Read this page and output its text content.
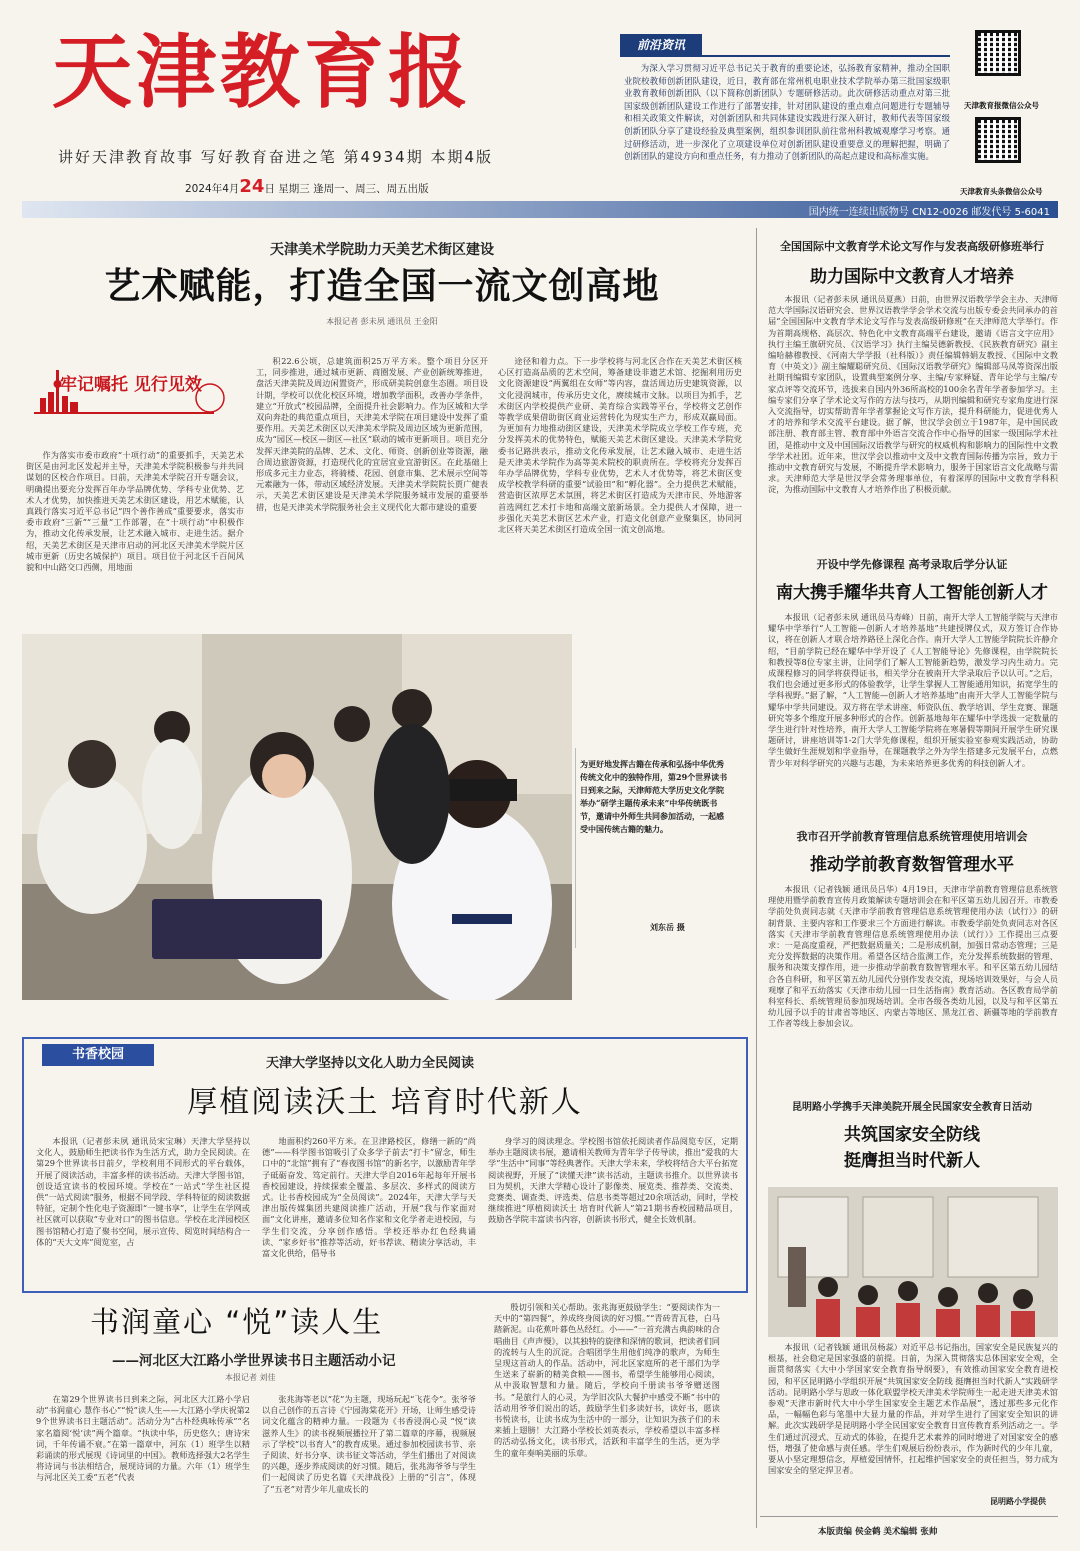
天津教育报
讲好天津教育故事 写好教育奋进之笔 第4934期 本期4版
2024年4月24日 星期三 逢周一、周三、周五出版
前沿资讯
为深入学习贯彻习近平总书记关于教育的重要论述，弘扬教育家精神，推动全国职业院校教师创新团队建设，近日，教育部在常州机电职业技术学院举办第三批国家级职业教育教师创新团队（以下简称创新团队）专题研修活动。此次研修活动重点对第三批国家级创新团队建设工作进行了部署安排，针对团队建设的重点难点问题进行专题辅导和相关政策文件解读，对创新团队和共同体建设实践进行深入研讨，教师代表等国家级创新团队分享了建设经验及典型案例，组织参训团队前往常州科教城观摩学习考察。通过研修活动，进一步深化了立项建设单位对创新团队建设重要意义的理解把握，明确了创新团队的建设方向和重点任务，有力推动了创新团队的高起点建设和高标准实施。
天津教育报微信公众号
天津教育头条微信公众号
国内统一连续出版物号 CN12-0026 邮发代号 5-6041
天津美术学院助力天美艺术街区建设
艺术赋能，打造全国一流文创高地
本报记者 彭未夙 通讯员 王金阳
牢记嘱托 见行见效

作为落实市委市政府“十项行动”的重要抓手，天美艺术街区是由河北区发起并主导，天津美术学院积极参与并共同谋划的区校合作项目。日前，天津美术学院召开专题会议，明确提出要充分发挥百年办学品牌优势、学科专业优势、艺术人才优势，加快推进天美艺术街区建设，用艺术赋能，认真践行落实习近平总书记“四个善作善成”重要要求，落实市委市政府“三新”“三量”工作部署，在“十项行动”中积极作为，推动文化传承发展，让艺术融入城市、走进生活。据介绍，天美艺术街区是天津市启动的河北区天津美术学院片区城市更新（历史名城保护）项目。项目位于河北区千百间风貌和中山路交口西侧，用地面

积22.6公顷，总建筑面积25万平方米。整个项目分区开工，同步推进，通过城市更新、商圈发展、产业创新统筹推进，盘活天津美院及周边闲置资产，形成研美院创意生态圈。项目设计期，学校可以优化校区环境，增加教学面积，改善办学条件，建立“开放式”校园品牌，全面提升社会影响力。作为区城和大学双向奔赴的典范重点项目，天津美术学院在项目建设中发挥了重要作用。天美艺术街区以天津美术学院及周边区域为更新范围，成为“园区—校区—街区—社区”联动的城市更新项目。项目充分发挥天津美院的品牌、艺术、文化、师资、创新创业等资源，融合周边旅游资源，打造现代化的宜居宜业宜游街区。在此基础上形成多元主力业态，将骑楼、花园、创意市集、艺术展示空间等元素融为一体，带动区域经济发展。天津美术学院院长贾广健表示，天美艺术街区建设是天津美术学院服务城市发展的重要举措，也是天津美术学院服务社会主义现代化大都市建设的重要

途径和着力点。下一步学校将与河北区合作在天美艺术街区核心区打造高品质的艺术空间，筹备建设非遗艺术馆、挖掘利用历史文化资源建设“两翼组在女师”等内容，盘活周边历史建筑资源，以文化浸润城市，传承历史文化，赓续城市文脉。以项目为抓手，艺术街区内学校提供产业研、美育综合实践等平台，学校将文艺创作等教学成果借助街区商业运营转化为现实生产力，形成双赢局面。为更加有力地推动街区建设，天津美术学院成立学校工作专班，充分发挥美术的优势特色，赋能天美艺术街区建设。天津美术学院党委书记路洪表示，推动文化传承发展，让艺术融入城市、走进生活是天津美术学院作为高等美术院校的职责所在。学校将充分发挥百年办学品牌优势，学科专业优势，艺术人才优势等，将艺术街区变成学校教学科研的重要“试验田”和“孵化器”。全力提供艺术赋能，营造街区浓厚艺术氛围，将艺术街区打造成为天津市民、外地游客首选网红艺术打卡地和高端文旅新场景。全力提供人才保障，进一步强化天美艺术街区艺术产业，打造文化创意产业聚集区，协同河北区将天美艺术街区打造成全国一流文创高地。

为更好地发挥古籍在传承和弘扬中华优秀传统文化中的独特作用，第29个世界读书日到来之际，天津师范大学历史文化学院举办“研学主题传承未来”中华传统既书节，邀请中外师生共同参加活动，一起感受中国传统古籍的魅力。
刘东岳 摄
书香校园
天津大学坚持以文化人助力全民阅读
厚植阅读沃土 培育时代新人

本报讯（记者彭未夙 通讯员宋宝琳）天津大学坚持以文化人，鼓励师生把读书作为生活方式，助力全民阅读。在第29个世界读书日前夕，学校利用不同形式的平台载体，开展了阅读活动，丰富多样的读书活动。天津大学图书馆，创设适宜读书的校园环境。学校在“一站式”学生社区提供“一站式阅读”服务，根据不同学段、学科特征的阅读数据特征，定制个性化电子资源即“一键书享”，让学生在学网或社区就可以获取“专业对口”的图书信息。学校在北洋园校区图书馆精心打造了聚书空间，展示宣传、阅览时间结构合一体的“天大文库”阅览室，占

地面积约260平方米。在卫津路校区，修缮一新的“尚德”——科学图书馆吸引了众多学子前去“打卡”留念，师生口中的“北馆”拥有了“春夜图书馆”的新名字，以激励青年学子砥砺奋发、笃定前行。天津大学自2016年起每年开展书香校园建设，持续探索全覆盖、多层次、多样式的阅读方式。让书香校园成为“全员阅读”。2024年，天津大学与天津出版传媒集团共建阅读推广活动，开展“我与作家面对面”文化讲座，邀请多位知名作家和文化学者走进校园，与学生们交流，分享创作感悟。学校还举办红色经典诵读、“家乡好书”推荐等活动，好书荐读、精读分享活动，丰富文化供给，倡导书

身学习的阅读理念。学校图书馆依托阅读者作品阅览专区，定期举办主题阅读书展，邀请相关教师为青年学子传导读，推出“爱我的大学”生活中“同事”等经典著作。天津大学未来，学校将结合大平台拓宽阅读视野，开展了“读懂天津”读书活动，主题读书推介。以世界读书日为契机，天津大学精心设计了影像类、展览类、推荐类、交流类、竞赛类、调查类、评选类、信息书类等超过20余项活动，同时，学校继续推进“厚植阅读沃土 培育时代新人”第21期书香校园精品项目，鼓励各学院丰富读书内容，创新读书形式，健全长效机制。

书润童心 “悦”读人生
——河北区大江路小学世界读书日主题活动小记
本报记者 刘佳

在第29个世界读书日到来之际，河北区大江路小学启动“书润童心 慧作书心”“悦”读人生——大江路小学庆祝第29个世界读书日主题活动”。活动分为“古朴经典咏传承”“名家名篇阅‘悦’读”两个篇章。“执读中华，历史悠久；唐诗宋词，千年传诵不衰。”在第一篇章中，河东（1）班学生以精彩诵读的形式展现《诗词里的中国》。教师选择强大2名学生将诗词与书法相结合，展现诗词的力量。六年（1）班学生与河北区关工委“五老”代表

张兆海等老以“花”为主题，现场玩起“飞花令”。张爷爷以自己创作的五言诗《宁园海棠花开》开场，让师生感受诗词文化蕴含的精神力量。一段题为《书香浸润心灵 “悦”读滋养人生》的读书视频展播拉开了第二篇章的序幕，视频展示了学校“以书育人”的教育成果。通过参加校园读书节、亲子阅读、好书分享、读书征文等活动，学生们播出了对阅读的兴趣，逐步养成阅读的好习惯。随后，张兆海爷爷与学生们一起阅读了历史名篇《天津战役》上册的“引言”，体现了“五老”对青少年儿童成长的

殷切引领和关心帮助。张兆海更鼓励学生：“要阅读作为一天中的“第四餐”，养成终身阅读的好习惯。”“青砖青瓦巷，白马踏新泥。山花蕉叶暮色丛经红。小——”一首充满古典韵味的合唱曲目《声声慢》，以其独特的旋律和深情的歌词，把读者们同的流转与人生的沉淀。合唱团学生用他们纯净的歌声，为师生呈现这首动人的作品。活动中，河北区家庭所的老干部们为学生送来了崭新的精美食粮——图书，希望学生能够用心阅读，从中汲取智慧和力量。随后，学校向千册读书爷爷赠送图书。“是旅行人的心灵，为学旧次队大餐护中感受不断”书中的活动用爷爷们说出的话，鼓励学生们多读好书，读好书，愿读书悦读书，让读书成为生活中的一部分，让知识为孩子们的未来插上翅膀！大江路小学校长刘英表示，学校希望以丰富多样的活动弘扬文化，读书形式，活跃和丰富学生的生活，更为学生的童年奏响美丽的乐章。

全国国际中文教育学术论文写作与发表高级研修班举行
助力国际中文教育人才培养

本报讯（记者彭未夙 通讯员夏燕）日前，由世界汉语教学学会主办、天津师范大学国际汉语研究会、世界汉语教学学会学术交流与出版专委会共同承办的首届“全国国际中文教育学术论文写作与发表高级研修班”在天津师范大学举行。作为首期高规格、高层次、特色化中文教育高端平台建设，邀请《语言文字应用》执行主编王旗研究员、《汉语学习》执行主编吴德新教授、《民族教育研究》副主编哈赫穆教授、《河南大学学报（社科版）》责任编辑韩娟友教授、《国际中文教育（中英文）》副主编耀聪研究员、《国际汉语教学研究》编辑部马凤等资深出版社期刊编辑专家团队，设置典型案例分享、主编/专家释疑、青年论学与主编/专家点评等交流环节，选拔来自国内外36所高校的100余名青年学者参加学习。主编专家们分享了学术论文写作的方法与技巧，从期刊编辑和研究专家角度进行深入交流指导，切实帮助青年学者掌握论文写作方法，提升科研能力，促进优秀人才的培养和学术交流平台建设。据了解，世汉学会创立于1987年，是中国民政部注册、教育部主管、教育部中外语言交流合作中心指导的国家一级国际学术社团，是推动中文及中国国际汉语教学与研究的权威机构和影响力的国际性中文教学学术社团。近年来，世汉学会以推动中文及中文教育国际传播为宗旨，致力于推动中文教育研究与发展，不断提升学术影响力，服务于国家语言文化战略与需求。天津师范大学是世汉学会常务理事单位，有着深厚的国际中文教育学科积淀，为推动国际中文教育人才培养作出了积极贡献。

开设中学先修课程 高考录取后学分认证
南大携手耀华共育人工智能创新人才

本报讯（记者彭未夙 通讯员马寿峰）日前，南开大学人工智能学院与天津市耀华中学举行“人工智能—创新人才培养基地”共建授牌仪式，双方签订合作协议，将在创新人才联合培养路径上深化合作。南开大学人工智能学院院长许静介绍，“目前学院已经在耀华中学开设了《人工智能导论》先修课程，由学院院长和教授等8位专家主讲，让同学们了解人工智能新趋势，激发学习内生动力。完成课程修习的同学将获得证书，相关学分在被南开大学录取后予以认可。”之后，我们也会通过更多形式的体验教学，让学生掌握人工智能通用知识，拓宽学生的学科视野。”据了解，“人工智能—创新人才培养基地”由南开大学人工智能学院与耀华中学共同建设。双方将在学术讲座、师资队伍、教学培训、学生竞赛、课题研究等多个维度开展多种形式的合作。创新基地每年在耀华中学选拔一定数量的学生进行针对性培养，南开大学人工智能学院将在寒暑假等期间开展学生研究课题研讨，讲座培训等1-2门大学先修课程，组织开展实验室参观实践活动，协助学生做好生涯规划和学业指导，在课题教学之外为学生搭建多元发展平台，点燃青少年对科学研究的兴趣与志趣，为未来培养更多优秀的科技创新人才。

我市召开学前教育管理信息系统管理使用培训会
推动学前教育数智管理水平

本报讯（记者钱颖 通讯员吕华）4月19日，天津市学前教育管理信息系统管理使用暨学前教育宣传月政策解读专题培训会在和平区第五幼儿园召开。市教委学前处负责同志就《天津市学前教育管理信息系统管理使用办法（试行）》的研制背景、主要内容和工作要求三个方面进行解读。市教委学前处负责同志对各区落实《天津市学前教育管理信息系统管理使用办法（试行）》工作提出三点要求：一是高度重视，严把数据质量关；二是形成机制，加强日常动态管理；三是充分发挥数据的决策作用。希望各区结合监测工作，充分发挥系统数据的管理、服务和决策支撑作用，进一步推动学前教育数智管理水平。和平区第五幼儿园结合各自科研，和平区第五幼儿园代分别作发表交流，现场培训效果好，与会人员观摩了和平五幼落实《天津市幼儿园一日生活指南》教育活动。各区教育局学前科室科长、系统管理员参加现场培训。全市各级各类幼儿园，以及与和平区第五幼儿园予以手的甘肃省等地区、内蒙古等地区、黑龙江省、新疆等地的学前教育工作者等线上参加会议。

昆明路小学携手天津美院开展全民国家安全教育日活动
共筑国家安全防线
挺膺担当时代新人

本报讯（记者钱颖 通讯员杨蕊）对近平总书记指出，国家安全是民族复兴的根基，社会稳定是国家强盛的前提。日前，为深入贯彻落实总体国家安全观，全面贯彻落实《大中小学国家安全教育指导纲要》，有效推动国家安全教育进校园，和平区昆明路小学组织开展“共筑国家安全防线 挺膺担当时代新人”实践研学活动。昆明路小学与思政一体化联盟学校天津美术学院师生一起走进天津美术馆参观“天津市新时代大中小学生国家安全主题艺术作品展”，透过那些多元化作品，一幅幅色彩与笔墨中大显力量的作品，并对学生进行了国家安全知识的讲解。此次实践研学是昆明路小学全民国家安全教育日宣传教育系列活动之一。学生们通过沉浸式、互动式的体验，在提升艺术素养的同时增进了对国家安全的感悟，增强了使命感与责任感。学生们观展后纷纷表示，作为新时代的少年儿童，要从小坚定理想信念，厚植爱国情怀，扛起维护国家安全的责任担当，努力成为国家安全的坚定捍卫者。

昆明路小学提供
本版责编 侯金鹤 美术编辑 张帅
